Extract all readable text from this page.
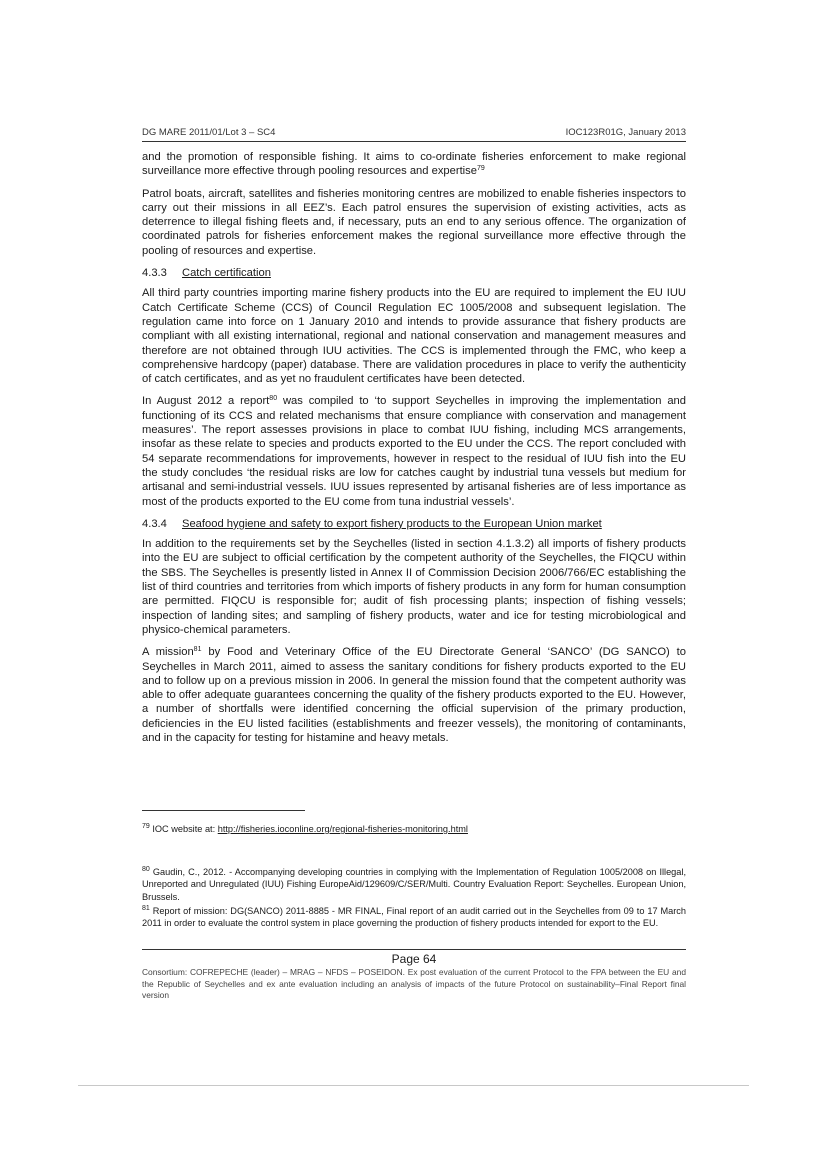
DG MARE 2011/01/Lot 3 – SC4	IOC123R01G, January 2013

and the promotion of responsible fishing. It aims to co-ordinate fisheries enforcement to make regional surveillance more effective through pooling resources and expertise$^{79}$

Patrol boats, aircraft, satellites and fisheries monitoring centres are mobilized to enable fisheries inspectors to carry out their missions in all EEZ’s. Each patrol ensures the supervision of existing activities, acts as deterrence to illegal fishing fleets and, if necessary, puts an end to any serious offence. The organization of coordinated patrols for fisheries enforcement makes the regional surveillance more effective through the pooling of resources and expertise.

4.3.3 Catch certification

All third party countries importing marine fishery products into the EU are required to implement the EU IUU Catch Certificate Scheme (CCS) of Council Regulation EC 1005/2008 and subsequent legislation. The regulation came into force on 1 January 2010 and intends to provide assurance that fishery products are compliant with all existing international, regional and national conservation and management measures and therefore are not obtained through IUU activities. The CCS is implemented through the FMC, who keep a comprehensive hardcopy (paper) database. There are validation procedures in place to verify the authenticity of catch certificates, and as yet no fraudulent certificates have been detected.

In August 2012 a report$^{80}$ was compiled to ‘to support Seychelles in improving the implementation and functioning of its CCS and related mechanisms that ensure compliance with conservation and management measures’. The report assesses provisions in place to combat IUU fishing, including MCS arrangements, insofar as these relate to species and products exported to the EU under the CCS. The report concluded with 54 separate recommendations for improvements, however in respect to the residual of IUU fish into the EU the study concludes ‘the residual risks are low for catches caught by industrial tuna vessels but medium for artisanal and semi-industrial vessels. IUU issues represented by artisanal fisheries are of less importance as most of the products exported to the EU come from tuna industrial vessels’.

4.3.4 Seafood hygiene and safety to export fishery products to the European Union market

In addition to the requirements set by the Seychelles (listed in section 4.1.3.2) all imports of fishery products into the EU are subject to official certification by the competent authority of the Seychelles, the FIQCU within the SBS. The Seychelles is presently listed in Annex II of Commission Decision 2006/766/EC establishing the list of third countries and territories from which imports of fishery products in any form for human consumption are permitted. FIQCU is responsible for; audit of fish processing plants; inspection of fishing vessels; inspection of landing sites; and sampling of fishery products, water and ice for testing microbiological and physico-chemical parameters.

A mission$^{81}$ by Food and Veterinary Office of the EU Directorate General ‘SANCO’ (DG SANCO) to Seychelles in March 2011, aimed to assess the sanitary conditions for fishery products exported to the EU and to follow up on a previous mission in 2006. In general the mission found that the competent authority was able to offer adequate guarantees concerning the quality of the fishery products exported to the EU. However, a number of shortfalls were identified concerning the official supervision of the primary production, deficiencies in the EU listed facilities (establishments and freezer vessels), the monitoring of contaminants, and in the capacity for testing for histamine and heavy metals.

$^{79}$ IOC website at: http://fisheries.ioconline.org/regional-fisheries-monitoring.html

$^{80}$ Gaudin, C., 2012. - Accompanying developing countries in complying with the Implementation of Regulation 1005/2008 on Illegal, Unreported and Unregulated (IUU) Fishing EuropeAid/129609/C/SER/Multi. Country Evaluation Report: Seychelles. European Union, Brussels.

$^{81}$ Report of mission: DG(SANCO) 2011-8885 - MR FINAL, Final report of an audit carried out in the Seychelles from 09 to 17 March 2011 in order to evaluate the control system in place governing the production of fishery products intended for export to the EU.

Page 64
Consortium: COFREPECHE (leader) – MRAG – NFDS – POSEIDON. Ex post evaluation of the current Protocol to the FPA between the EU and the Republic of Seychelles and ex ante evaluation including an analysis of impacts of the future Protocol on sustainability–Final Report final version
